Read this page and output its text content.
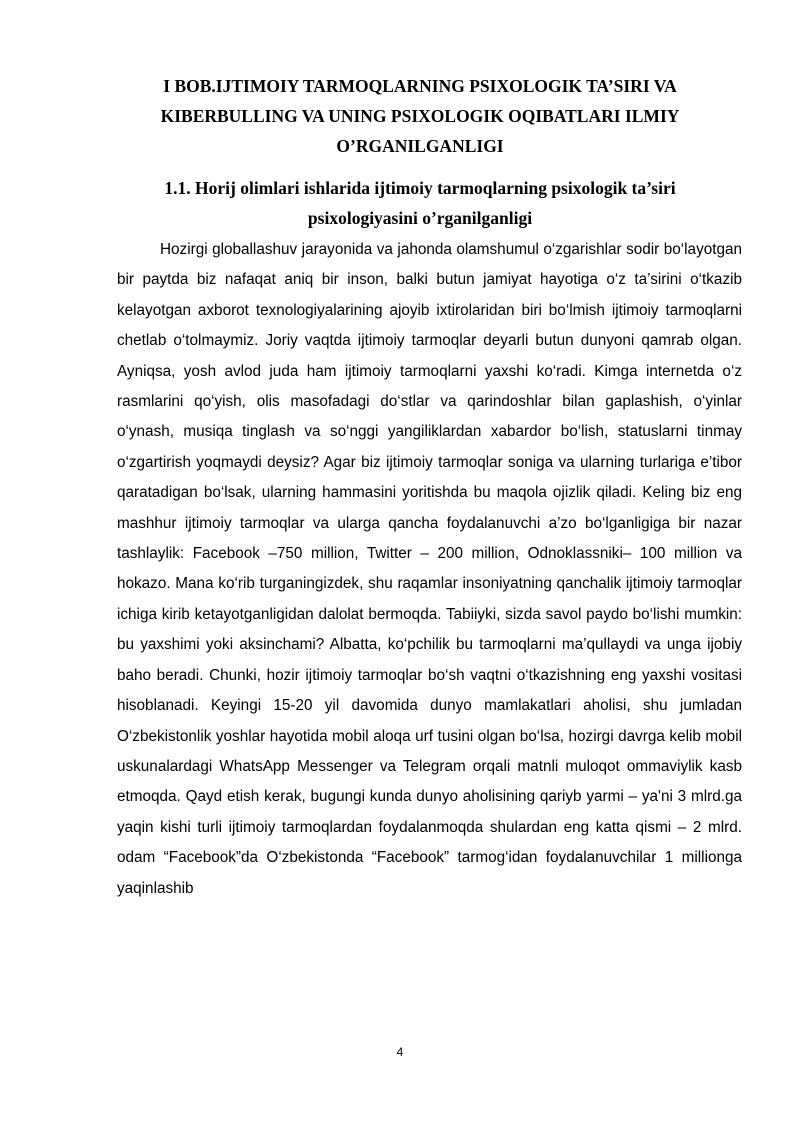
I BOB.IJTIMOIY TARMOQLARNING PSIXOLOGIK TA’SIRI VA KIBERBULLING VA UNING PSIXOLOGIK OQIBATLARI ILMIY O’RGANILGANLIGI
1.1. Horij olimlari ishlarida ijtimoiy tarmoqlarning psixologik ta’siri psixologiyasini o’rganilganligi

Hozirgi globallashuv jarayonida va jahonda olamshumul o‘zgarishlar sodir bo‘layotgan bir paytda biz nafaqat aniq bir inson, balki butun jamiyat hayotiga o‘z ta’sirini o‘tkazib kelayotgan axborot texnologiyalarining ajoyib ixtirolaridan biri bo‘lmish ijtimoiy tarmoqlarni chetlab o‘tolmaymiz. Joriy vaqtda ijtimoiy tarmoqlar deyarli butun dunyoni qamrab olgan. Ayniqsa, yosh avlod juda ham ijtimoiy tarmoqlarni yaxshi ko‘radi. Kimga internetda o‘z rasmlarini qo‘yish, olis masofadagi do‘stlar va qarindoshlar bilan gaplashish, o‘yinlar o‘ynash, musiqa tinglash va so‘nggi yangiliklardan xabardor bo‘lish, statuslarni tinmay o‘zgartirish yoqmaydi deysiz? Agar biz ijtimoiy tarmoqlar soniga va ularning turlariga e’tibor qaratadigan bo‘lsak, ularning hammasini yoritishda bu maqola ojizlik qiladi. Keling biz eng mashhur ijtimoiy tarmoqlar va ularga qancha foydalanuvchi a’zo bo‘lganligiga bir nazar tashlaylik: Facebook –750 million, Twitter – 200 million, Odnoklassniki– 100 million va hokazo. Mana ko‘rib turganingizdek, shu raqamlar insoniyatning qanchalik ijtimoiy tarmoqlar ichiga kirib ketayotganligidan dalolat bermoqda. Tabiiyki, sizda savol paydo bo‘lishi mumkin: bu yaxshimi yoki aksinchami? Albatta, ko‘pchilik bu tarmoqlarni ma’qullaydi va unga ijobiy baho beradi. Chunki, hozir ijtimoiy tarmoqlar bo‘sh vaqtni o‘tkazishning eng yaxshi vositasi hisoblanadi. Keyingi 15-20 yil davomida dunyo mamlakatlari aholisi, shu jumladan O‘zbekistonlik yoshlar hayotida mobil aloqa urf tusini olgan bo‘lsa, hozirgi davrga kelib mobil uskunalardagi WhatsApp Messenger va Telegram orqali matnli muloqot ommaviylik kasb etmoqda. Qayd etish kerak, bugungi kunda dunyo aholisining qariyb yarmi – ya'ni 3 mlrd.ga yaqin kishi turli ijtimoiy tarmoqlardan foydalanmoqda shulardan eng katta qismi – 2 mlrd. odam “Facebook”da O‘zbekistonda “Facebook” tarmog‘idan foydalanuvchilar 1 millionga yaqinlashib

4
